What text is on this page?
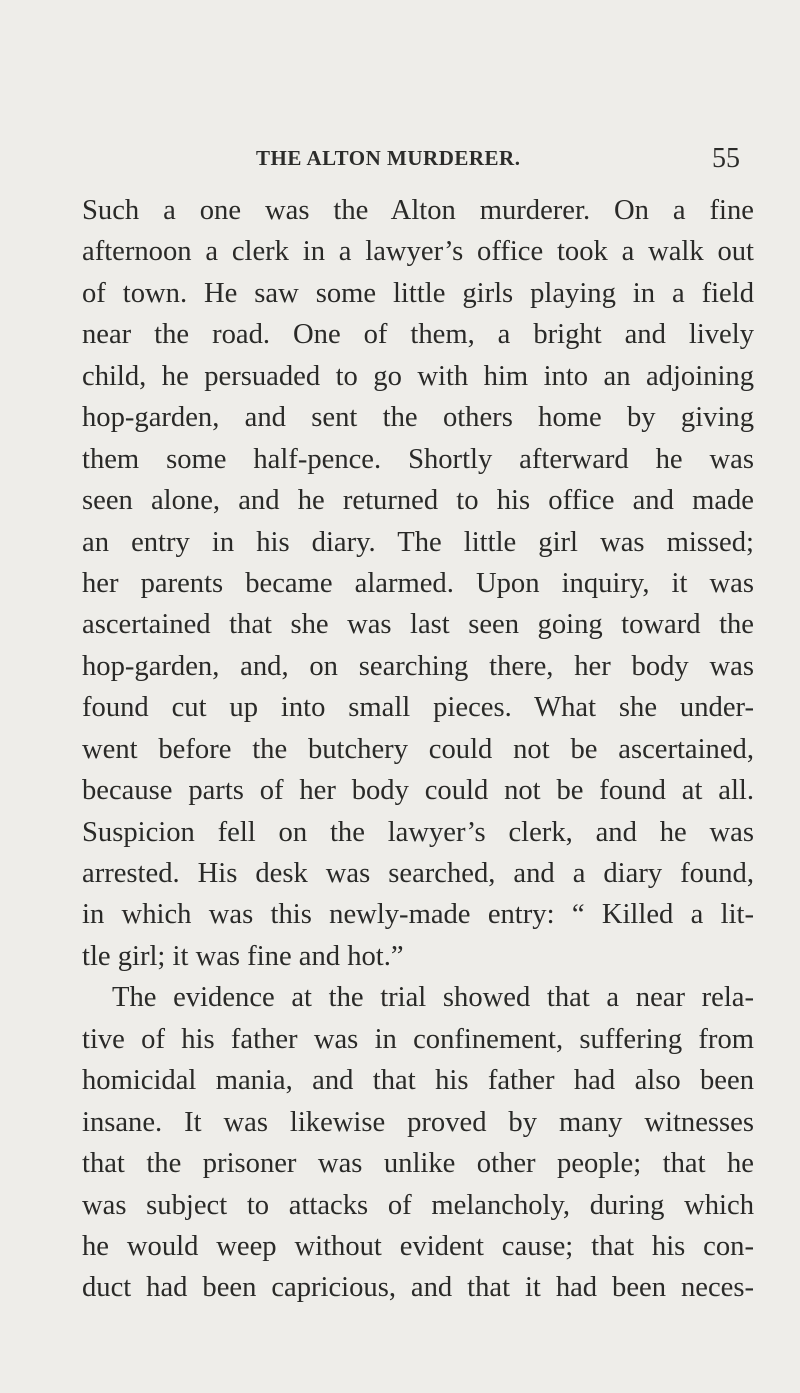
THE ALTON MURDERER.	55
Such a one was the Alton murderer. On a fine
afternoon a clerk in a lawyer’s office took a walk out
of town. He saw some little girls playing in a field
near the road. One of them, a bright and lively
child, he persuaded to go with him into an adjoining
hop-garden, and sent the others home by giving
them some half-pence. Shortly afterward he was
seen alone, and he returned to his office and made
an entry in his diary. The little girl was missed;
her parents became alarmed. Upon inquiry, it was
ascertained that she was last seen going toward the
hop-garden, and, on searching there, her body was
found cut up into small pieces. What she under-
went before the butchery could not be ascertained,
because parts of her body could not be found at all.
Suspicion fell on the lawyer’s clerk, and he was
arrested. His desk was searched, and a diary found,
in which was this newly-made entry: “ Killed a lit-
tle girl; it was fine and hot.”
The evidence at the trial showed that a near rela-
tive of his father was in confinement, suffering from
homicidal mania, and that his father had also been
insane. It was likewise proved by many witnesses
that the prisoner was unlike other people; that he
was subject to attacks of melancholy, during which
he would weep without evident cause; that his con-
duct had been capricious, and that it had been neces-
